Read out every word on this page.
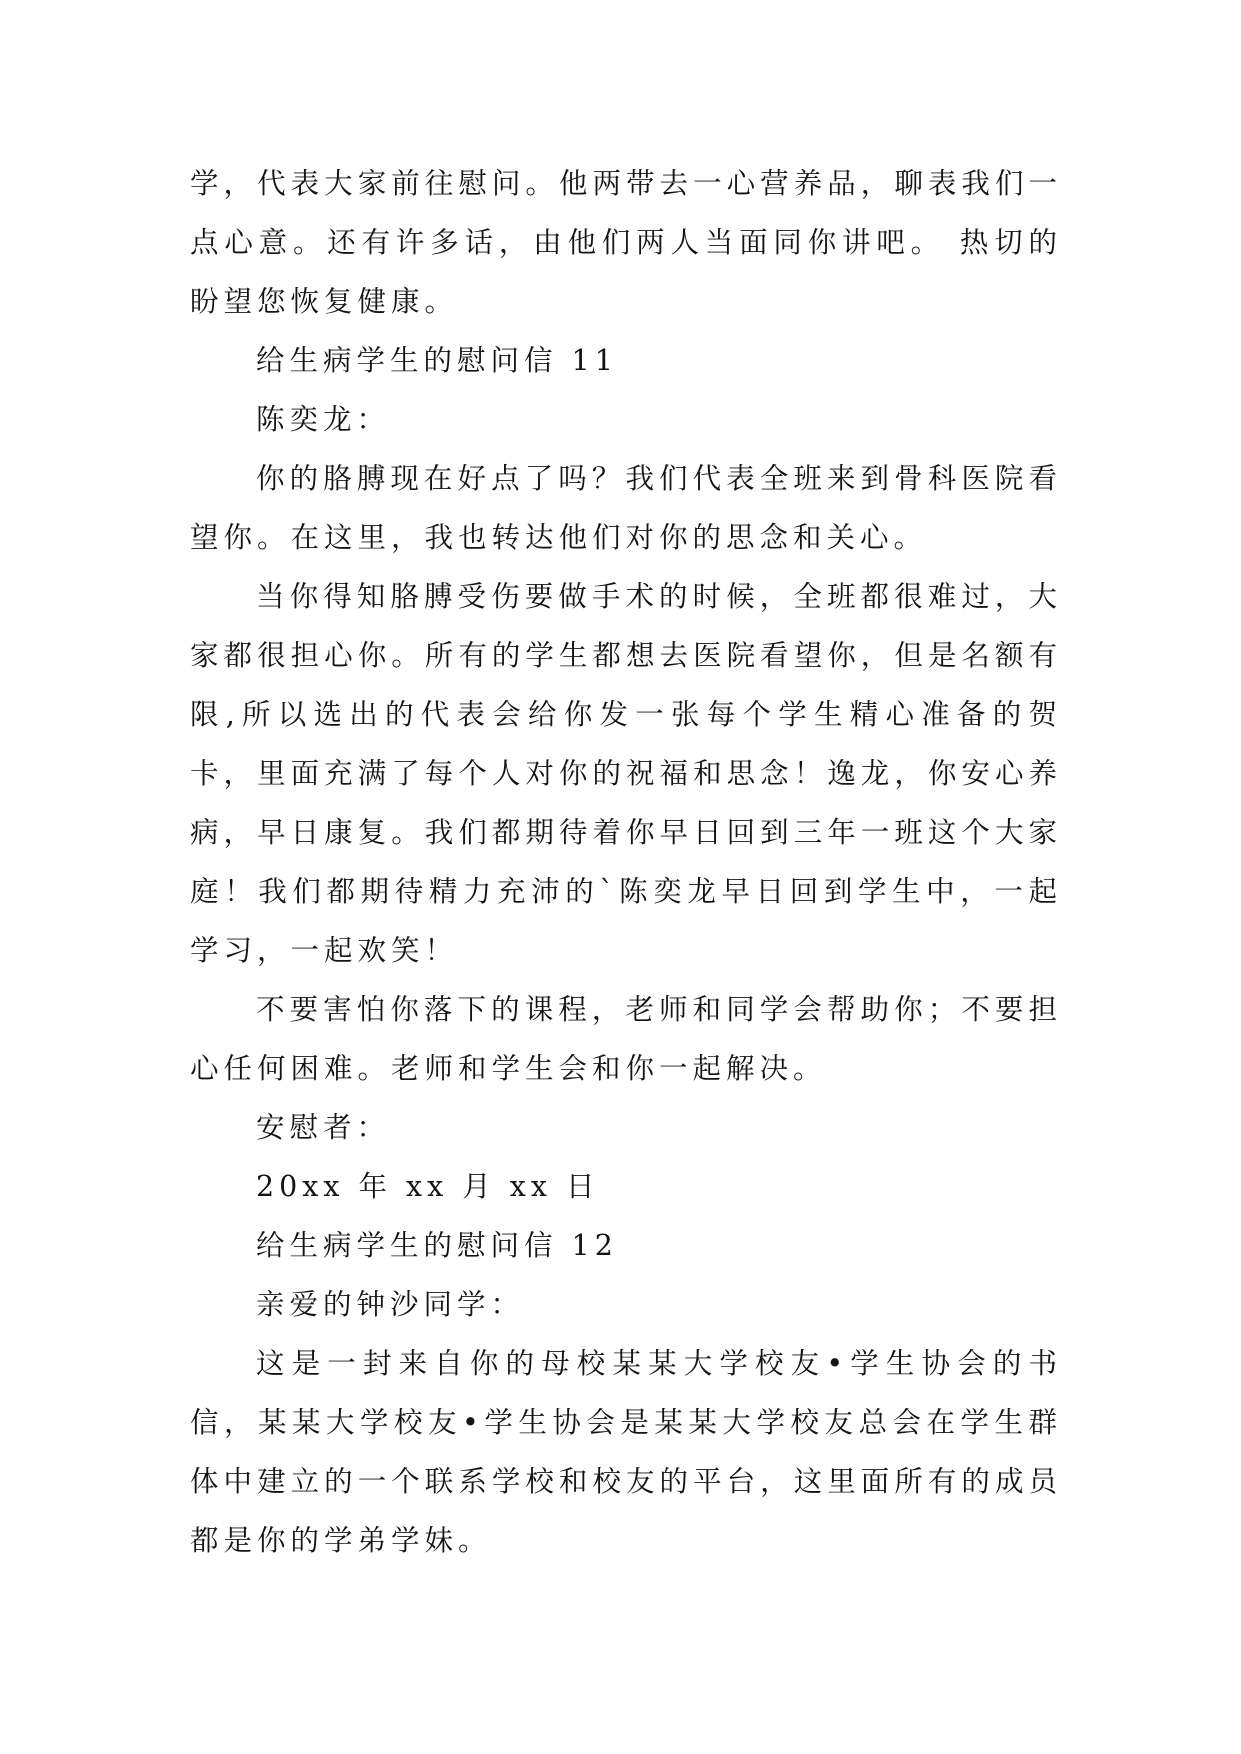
学，代表大家前往慰问。他两带去一心营养品，聊表我们一点心意。还有许多话，由他们两人当面同你讲吧。 热切的盼望您恢复健康。

给生病学生的慰问信 11

陈奕龙：

你的胳膊现在好点了吗？我们代表全班来到骨科医院看望你。在这里，我也转达他们对你的思念和关心。

当你得知胳膊受伤要做手术的时候，全班都很难过，大家都很担心你。所有的学生都想去医院看望你，但是名额有限,所以选出的代表会给你发一张每个学生精心准备的贺卡，里面充满了每个人对你的祝福和思念！逸龙，你安心养病，早日康复。我们都期待着你早日回到三年一班这个大家庭！我们都期待精力充沛的`陈奕龙早日回到学生中，一起学习，一起欢笑！

不要害怕你落下的课程，老师和同学会帮助你；不要担心任何困难。老师和学生会和你一起解决。

安慰者：

20xx 年 xx 月 xx 日

给生病学生的慰问信 12

亲爱的钟沙同学：

这是一封来自你的母校某某大学校友•学生协会的书信，某某大学校友•学生协会是某某大学校友总会在学生群体中建立的一个联系学校和校友的平台，这里面所有的成员都是你的学弟学妹。
